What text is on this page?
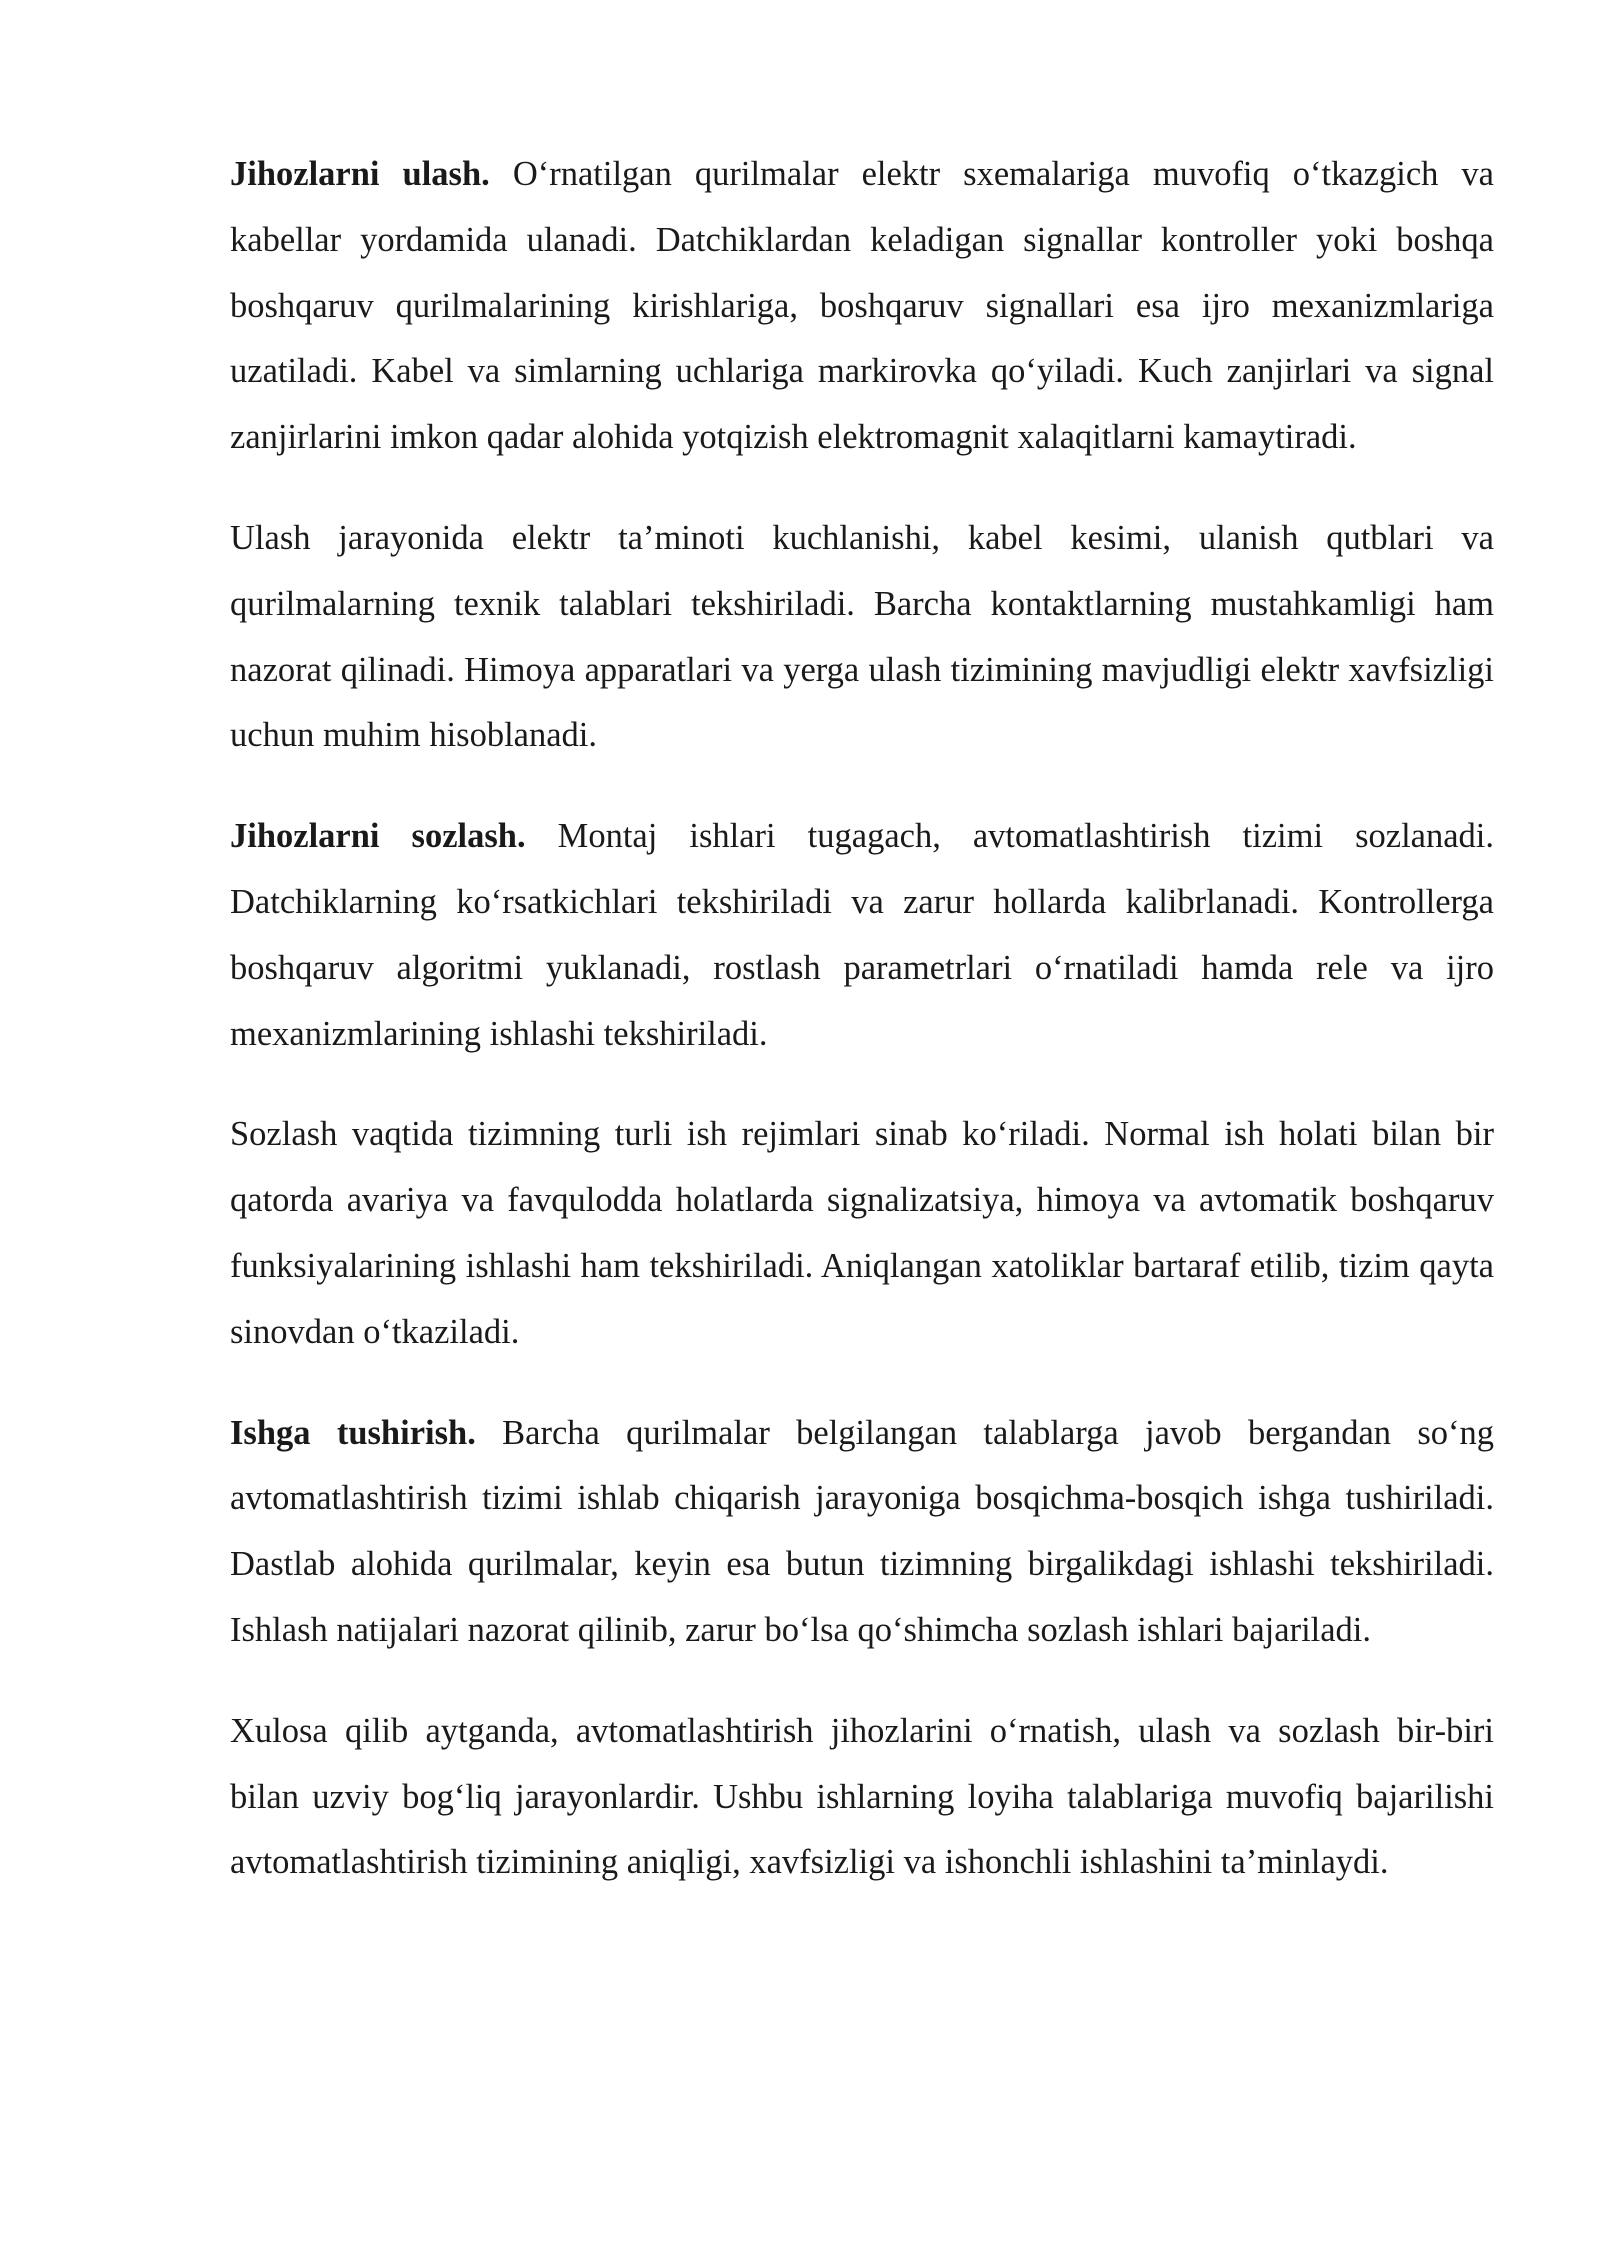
Jihozlarni ulash. O‘rnatilgan qurilmalar elektr sxemalariga muvofiq o‘tkazgich va kabellar yordamida ulanadi. Datchiklardan keladigan signallar kontroller yoki boshqa boshqaruv qurilmalarining kirishlariga, boshqaruv signallari esa ijro mexanizmlariga uzatiladi. Kabel va simlarning uchlariga markirovka qo‘yiladi. Kuch zanjirlari va signal zanjirlarini imkon qadar alohida yotqizish elektromagnit xalaqitlarni kamaytiradi.

Ulash jarayonida elektr ta’minoti kuchlanishi, kabel kesimi, ulanish qutblari va qurilmalarning texnik talablari tekshiriladi. Barcha kontaktlarning mustahkamligi ham nazorat qilinadi. Himoya apparatlari va yerga ulash tizimining mavjudligi elektr xavfsizligi uchun muhim hisoblanadi.

Jihozlarni sozlash. Montaj ishlari tugagach, avtomatlashtirish tizimi sozlanadi. Datchiklarning ko‘rsatkichlari tekshiriladi va zarur hollarda kalibrlanadi. Kontrollerga boshqaruv algoritmi yuklanadi, rostlash parametrlari o‘rnatiladi hamda rele va ijro mexanizmlarining ishlashi tekshiriladi.

Sozlash vaqtida tizimning turli ish rejimlari sinab ko‘riladi. Normal ish holati bilan bir qatorda avariya va favqulodda holatlarda signalizatsiya, himoya va avtomatik boshqaruv funksiyalarining ishlashi ham tekshiriladi. Aniqlangan xatoliklar bartaraf etilib, tizim qayta sinovdan o‘tkaziladi.

Ishga tushirish. Barcha qurilmalar belgilangan talablarga javob bergandan so‘ng avtomatlashtirish tizimi ishlab chiqarish jarayoniga bosqichma-bosqich ishga tushiriladi. Dastlab alohida qurilmalar, keyin esa butun tizimning birgalikdagi ishlashi tekshiriladi. Ishlash natijalari nazorat qilinib, zarur bo‘lsa qo‘shimcha sozlash ishlari bajariladi.

Xulosa qilib aytganda, avtomatlashtirish jihozlarini o‘rnatish, ulash va sozlash bir-biri bilan uzviy bog‘liq jarayonlardir. Ushbu ishlarning loyiha talablariga muvofiq bajarilishi avtomatlashtirish tizimining aniqligi, xavfsizligi va ishonchli ishlashini ta’minlaydi.
